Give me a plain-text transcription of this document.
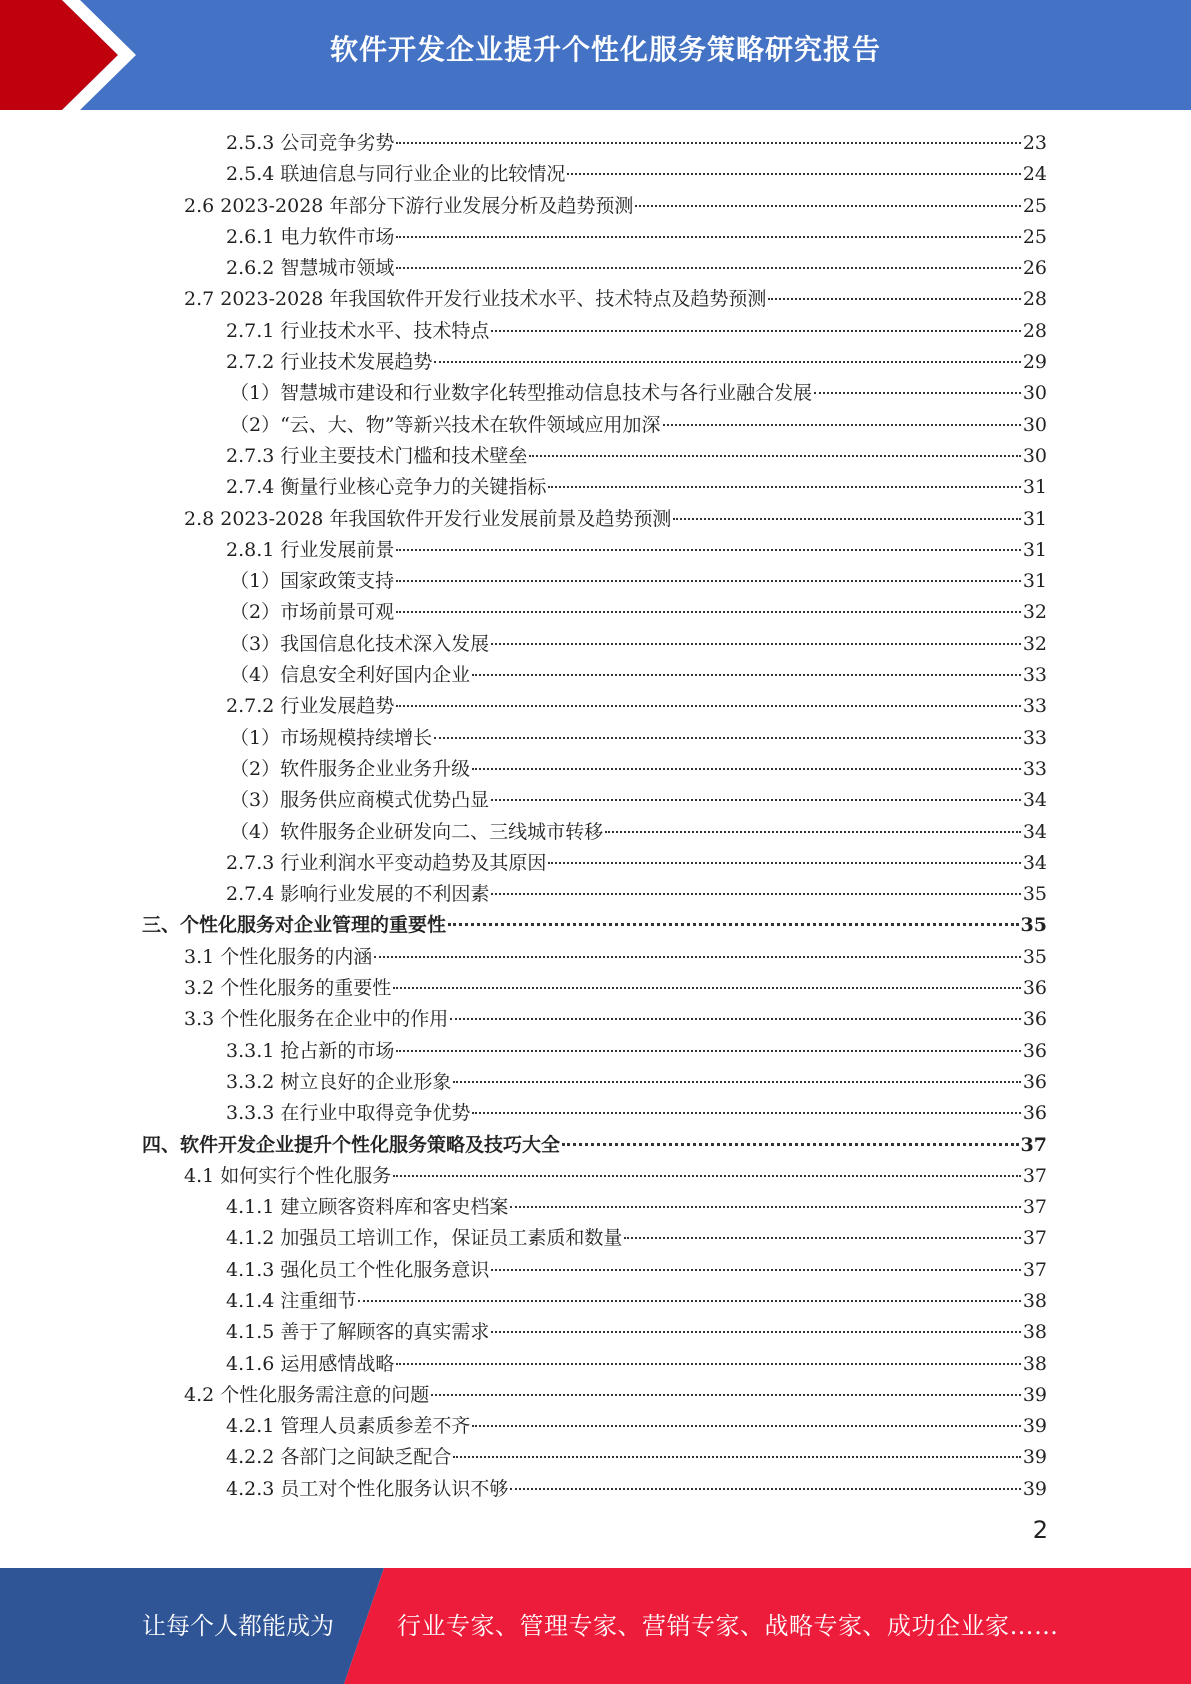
软件开发企业提升个性化服务策略研究报告
2.5.3 公司竞争劣势	23
2.5.4 联迪信息与同行业企业的比较情况	24
2.6 2023-2028 年部分下游行业发展分析及趋势预测	25
2.6.1 电力软件市场	25
2.6.2 智慧城市领域	26
2.7 2023-2028 年我国软件开发行业技术水平、技术特点及趋势预测	28
2.7.1 行业技术水平、技术特点	28
2.7.2 行业技术发展趋势	29
（1）智慧城市建设和行业数字化转型推动信息技术与各行业融合发展	30
（2）“云、大、物”等新兴技术在软件领域应用加深	30
2.7.3 行业主要技术门槛和技术壁垒	30
2.7.4 衡量行业核心竞争力的关键指标	31
2.8 2023-2028 年我国软件开发行业发展前景及趋势预测	31
2.8.1 行业发展前景	31
（1）国家政策支持	31
（2）市场前景可观	32
（3）我国信息化技术深入发展	32
（4）信息安全利好国内企业	33
2.7.2 行业发展趋势	33
（1）市场规模持续增长	33
（2）软件服务企业业务升级	33
（3）服务供应商模式优势凸显	34
（4）软件服务企业研发向二、三线城市转移	34
2.7.3 行业利润水平变动趋势及其原因	34
2.7.4 影响行业发展的不利因素	35
三、个性化服务对企业管理的重要性	35
3.1 个性化服务的内涵	35
3.2 个性化服务的重要性	36
3.3 个性化服务在企业中的作用	36
3.3.1 抢占新的市场	36
3.3.2 树立良好的企业形象	36
3.3.3 在行业中取得竞争优势	36
四、软件开发企业提升个性化服务策略及技巧大全	37
4.1 如何实行个性化服务	37
4.1.1 建立顾客资料库和客史档案	37
4.1.2 加强员工培训工作，保证员工素质和数量	37
4.1.3 强化员工个性化服务意识	37
4.1.4 注重细节	38
4.1.5 善于了解顾客的真实需求	38
4.1.6 运用感情战略	38
4.2 个性化服务需注意的问题	39
4.2.1 管理人员素质参差不齐	39
4.2.2 各部门之间缺乏配合	39
4.2.3 员工对个性化服务认识不够	39
2
让每个人都能成为	行业专家、管理专家、营销专家、战略专家、成功企业家……
